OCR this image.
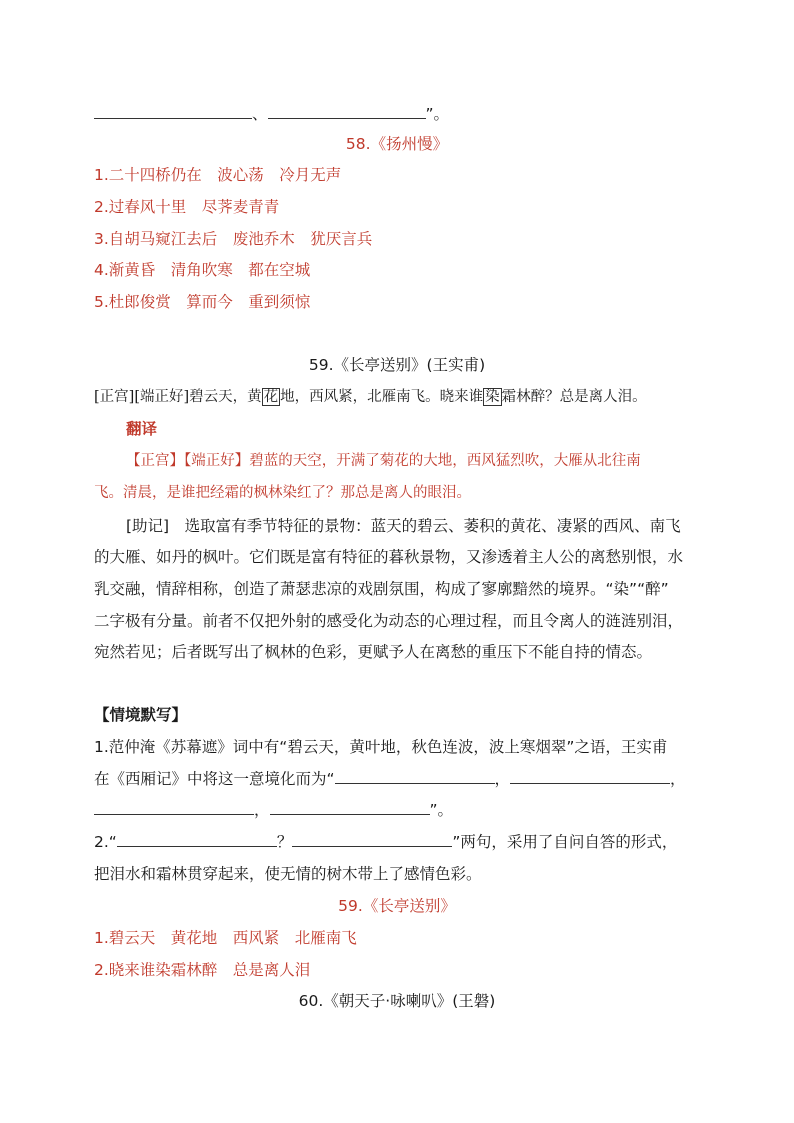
、	”。
58.《扬州慢》
1.二十四桥仍在　波心荡　冷月无声
2.过春风十里　尽荠麦青青
3.自胡马窥江去后　废池乔木　犹厌言兵
4.渐黄昏　清角吹寒　都在空城
5.杜郎俊赏　算而今　重到须惊
59.《长亭送别》(王实甫)
[正宫][端正好]碧云天，黄 花 地，西风紧，北雁南飞。晓来谁 染 霜林醉？总是离人泪。
翻译
【正宫】【端正好】碧蓝的天空，开满了菊花的大地，西风猛烈吹，大雁从北往南
飞。清晨，是谁把经霜的枫林染红了？那总是离人的眼泪。
[助记]　选取富有季节特征的景物：蓝天的碧云、萎积的黄花、凄紧的西风、南飞
的大雁、如丹的枫叶。它们既是富有特征的暮秋景物，又渗透着主人公的离愁别恨，水
乳交融，情辞相称，创造了萧瑟悲凉的戏剧氛围，构成了寥廓黯然的境界。“染”“醉”
二字极有分量。前者不仅把外射的感受化为动态的心理过程，而且令离人的涟涟别泪，
宛然若见；后者既写出了枫林的色彩，更赋予人在离愁的重压下不能自持的情态。
【情境默写】
1.范仲淹《苏幕遮》词中有“碧云天，黄叶地，秋色连波，波上寒烟翠”之语，王实甫
在《西厢记》中将这一意境化而为“	，	，
，	”。
2.“	？	”两句，采用了自问自答的形式，
把泪水和霜林贯穿起来，使无情的树木带上了感情色彩。
59.《长亭送别》
1.碧云天　黄花地　西风紧　北雁南飞
2.晓来谁染霜林醉　总是离人泪
60.《朝天子·咏喇叭》(王磐)
